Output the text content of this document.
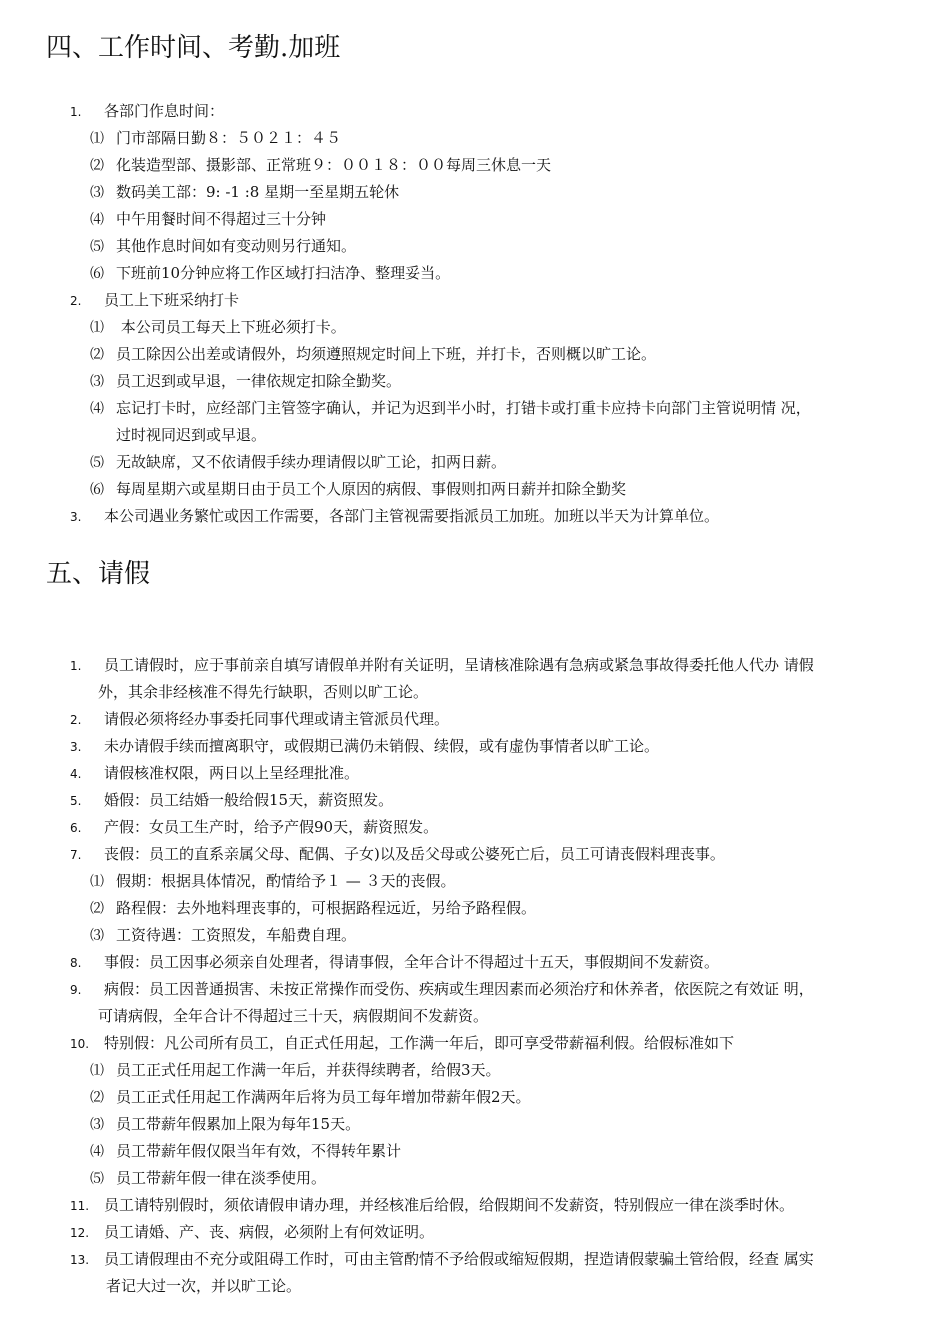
四、工作时间、考勤.加班
1. 各部门作息时间：
⑴ 门市部隔日勤８：５０２１：４５
⑵ 化装造型部、摄影部、正常班９：００１８：００每周三休息一天
⑶ 数码美工部：9: -1 :8 星期一至星期五轮休
⑷ 中午用餐时间不得超过三十分钟
⑸ 其他作息时间如有变动则另行通知。
⑹ 下班前10分钟应将工作区域打扫洁净、整理妥当。
2. 员工上下班采纳打卡
⑴ 本公司员工每天上下班必须打卡。
⑵ 员工除因公出差或请假外，均须遵照规定时间上下班，并打卡，否则概以旷工论。
⑶ 员工迟到或早退，一律依规定扣除全勤奖。
⑷ 忘记打卡时，应经部门主管签字确认，并记为迟到半小时，打错卡或打重卡应持卡向部门主管说明情 况，
过时视同迟到或早退。
⑸ 无故缺席，又不依请假手续办理请假以旷工论，扣两日薪。
⑹ 每周星期六或星期日由于员工个人原因的病假、事假则扣两日薪并扣除全勤奖
3. 本公司遇业务繁忙或因工作需要，各部门主管视需要指派员工加班。加班以半天为计算单位。
五、请假
1. 员工请假时，应于事前亲自填写请假单并附有关证明，呈请核准除遇有急病或紧急事故得委托他人代办 请假
外，其余非经核准不得先行缺职，否则以旷工论。
2. 请假必须将经办事委托同事代理或请主管派员代理。
3. 未办请假手续而擅离职守，或假期已满仍未销假、续假，或有虚伪事情者以旷工论。
4. 请假核准权限，两日以上呈经理批准。
5. 婚假：员工结婚一般给假15天，薪资照发。
6. 产假：女员工生产时，给予产假90天，薪资照发。
7. 丧假：员工的直系亲属父母、配偶、子女)以及岳父母或公婆死亡后，员工可请丧假料理丧事。
⑴ 假期：根据具体情况，酌情给予１ — ３天的丧假。
⑵ 路程假：去外地料理丧事的，可根据路程远近，另给予路程假。
⑶ 工资待遇：工资照发，车船费自理。
8. 事假：员工因事必须亲自处理者，得请事假，全年合计不得超过十五天，事假期间不发薪资。
9. 病假：员工因普通损害、未按正常操作而受伤、疾病或生理因素而必须治疗和休养者，依医院之有效证 明，
可请病假，全年合计不得超过三十天，病假期间不发薪资。
10. 特别假：凡公司所有员工，自正式任用起，工作满一年后，即可享受带薪福利假。给假标准如下
⑴ 员工正式任用起工作满一年后，并获得续聘者，给假3天。
⑵ 员工正式任用起工作满两年后将为员工每年增加带薪年假2天。
⑶ 员工带薪年假累加上限为每年15天。
⑷ 员工带薪年假仅限当年有效，不得转年累计
⑸ 员工带薪年假一律在淡季使用。
11. 员工请特别假时，须依请假申请办理，并经核准后给假，给假期间不发薪资，特别假应一律在淡季时休。
12. 员工请婚、产、丧、病假，必须附上有何效证明。
13. 员工请假理由不充分或阻碍工作时，可由主管酌情不予给假或缩短假期，捏造请假蒙骗土管给假，经查 属实
者记大过一次，并以旷工论。
